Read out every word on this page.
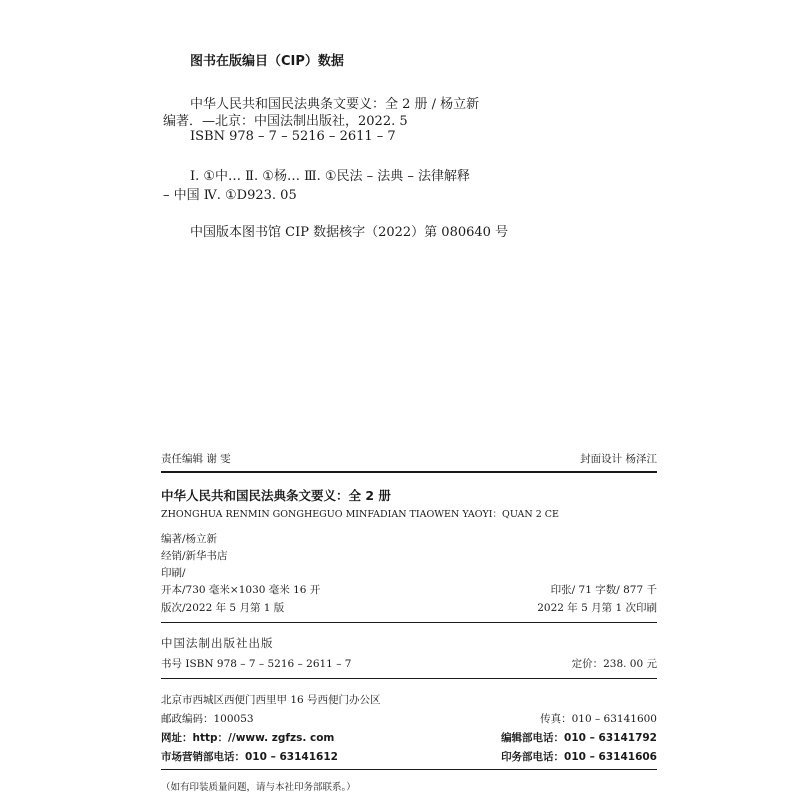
图书在版编目（CIP）数据
中华人民共和国民法典条文要义：全 2 册 / 杨立新
编著．—北京：中国法制出版社，2022. 5
ISBN 978 – 7 – 5216 – 2611 – 7
Ⅰ. ①中… Ⅱ. ①杨… Ⅲ. ①民法 – 法典 – 法律解释
– 中国 Ⅳ. ①D923. 05
中国版本图书馆 CIP 数据核字（2022）第 080640 号
责任编辑 谢 雯	封面设计 杨泽江
中华人民共和国民法典条文要义：全 2 册
ZHONGHUA RENMIN GONGHEGUO MINFADIAN TIAOWEN YAOYI：QUAN 2 CE
编著/杨立新
经销/新华书店
印刷/
开本/730 毫米×1030 毫米 16 开	印张/ 71 字数/ 877 千
版次/2022 年 5 月第 1 版	2022 年 5 月第 1 次印刷
中国法制出版社出版
书号 ISBN 978 – 7 – 5216 – 2611 – 7	定价：238. 00 元
北京市西城区西便门西里甲 16 号西便门办公区
邮政编码：100053	传真：010 – 63141600
网址：http：//www. zgfzs. com	编辑部电话：010 – 63141792
市场营销部电话：010 – 63141612	印务部电话：010 – 63141606
（如有印装质量问题，请与本社印务部联系。）
